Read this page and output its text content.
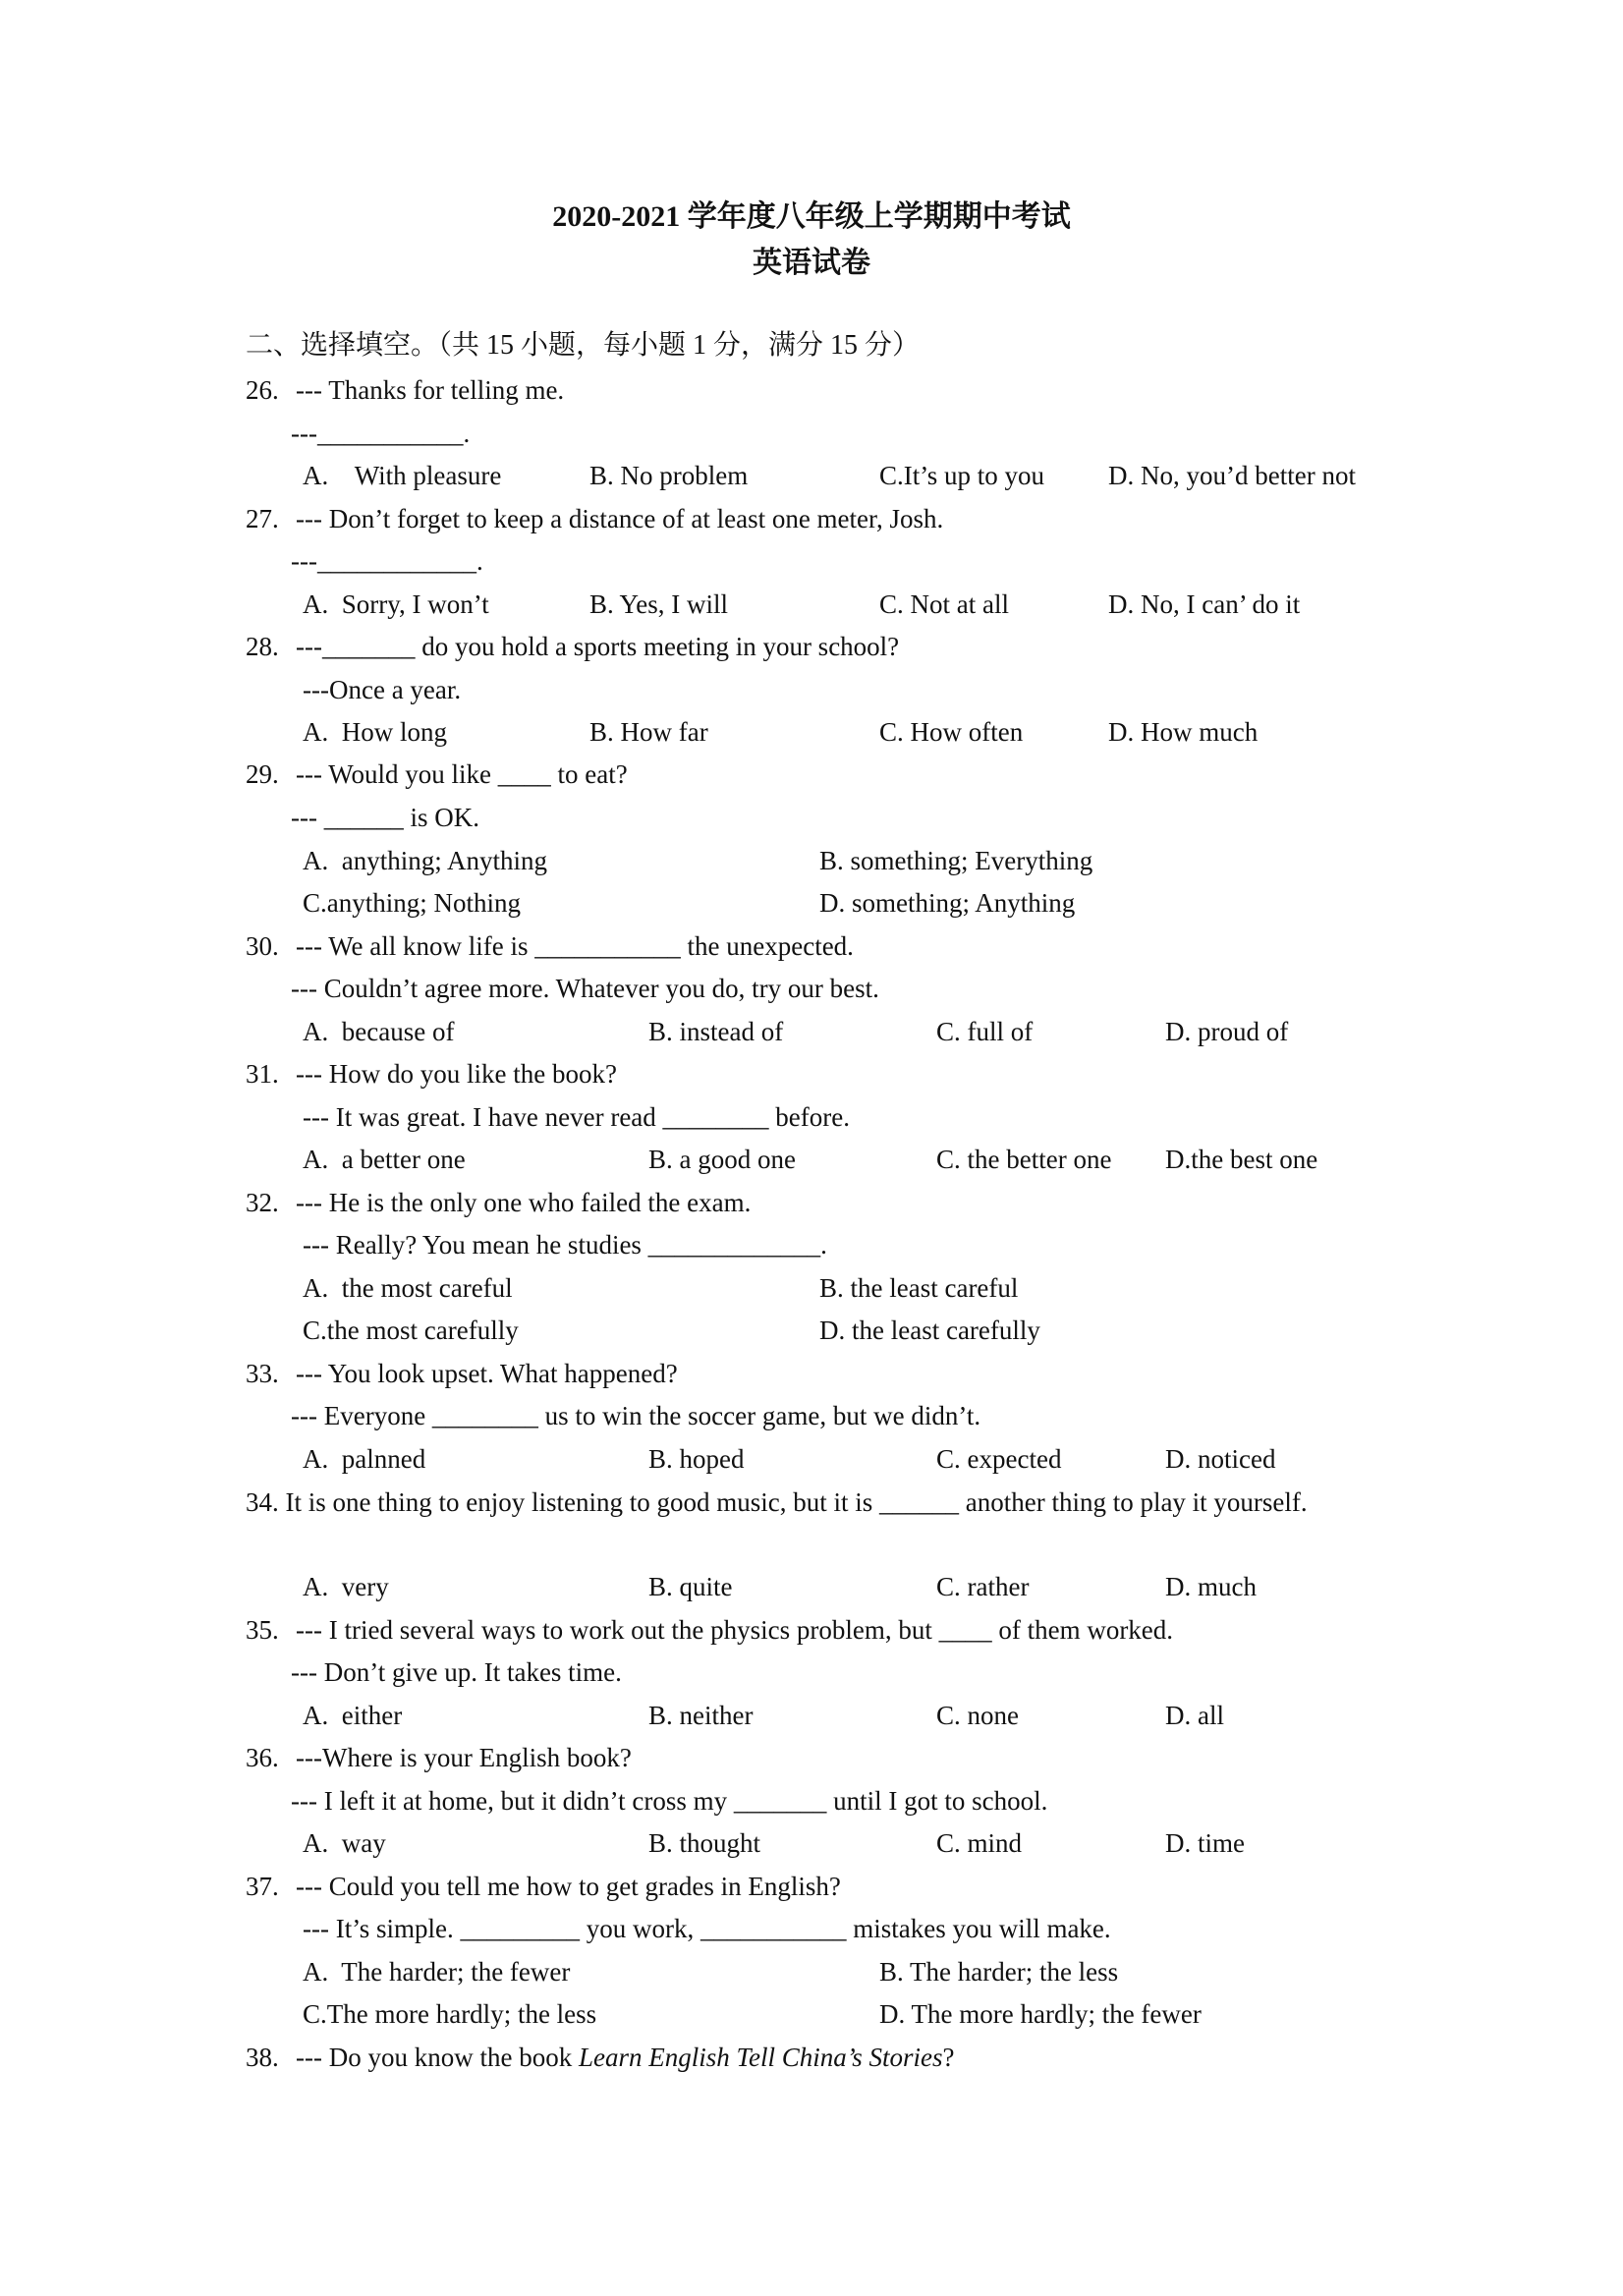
2020-2021 学年度八年级上学期期中考试
英语试卷
二、选择填空。（共 15 小题，每小题 1 分，满分 15 分）
26. --- Thanks for telling me.
---___________.
A.    With pleasure	B. No problem	C.It’s up to you D. No, you’d better not
27. --- Don’t forget to keep a distance of at least one meter, Josh.
---____________.
A.  Sorry, I won’t	B. Yes, I will	C. Not at all	D. No, I can’ do it
28. ---_______ do you hold a sports meeting in your school?
---Once a year.
A.  How long	B. How far	C. How often	D. How much
29. --- Would you like ____ to eat?
--- ______ is OK.
A.  anything; Anything	B. something; Everything
C.anything; Nothing	D. something; Anything
30. --- We all know life is ___________ the unexpected.
--- Couldn’t agree more. Whatever you do, try our best.
A.  because of	B. instead of	C. full of	D. proud of
31. --- How do you like the book?
--- It was great. I have never read ________ before.
A.  a better one	B. a good one	C. the better one D.the best one
32. --- He is the only one who failed the exam.
--- Really? You mean he studies _____________.
A.  the most careful	B. the least careful
C.the most carefully	D. the least carefully
33. --- You look upset. What happened?
--- Everyone ________ us to win the soccer game, but we didn’t.
A.  palnned	B. hoped	C. expected	D. noticed
34. It is one thing to enjoy listening to good music, but it is ______ another thing to play it yourself.
A.  very	B. quite	C. rather	D. much
35. --- I tried several ways to work out the physics problem, but ____ of them worked.
--- Don’t give up. It takes time.
A.  either	B. neither	C. none	D. all
36. ---Where is your English book?
--- I left it at home, but it didn’t cross my _______ until I got to school.
A.  way	B. thought	C. mind	D. time
37. --- Could you tell me how to get grades in English?
--- It’s simple. _________ you work, ___________ mistakes you will make.
A.  The harder; the fewer	B. The harder; the less
C.The more hardly; the less	D. The more hardly; the fewer
38. --- Do you know the book Learn English Tell China’s Stories?
